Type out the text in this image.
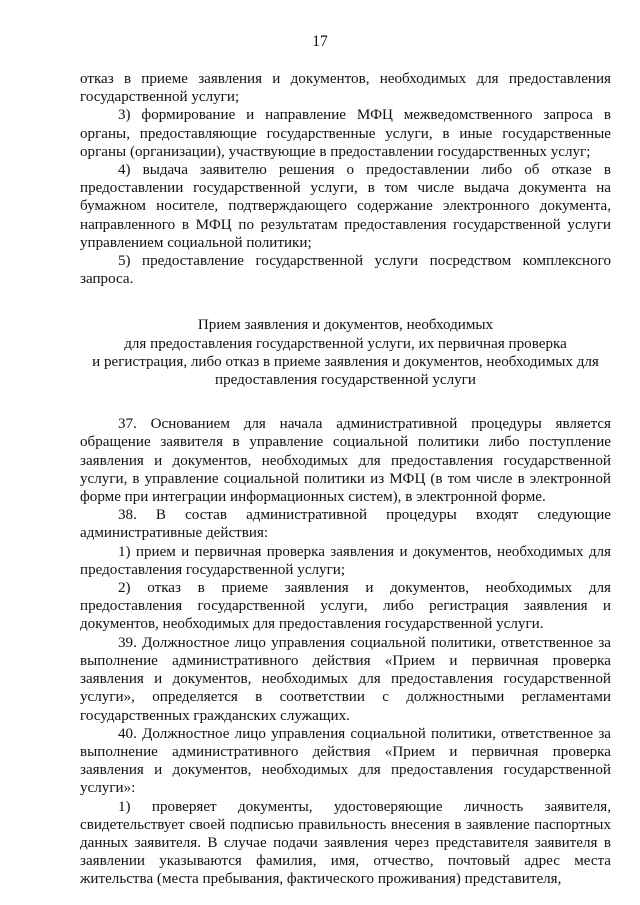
17

отказ в приеме заявления и документов, необходимых для предоставления государственной услуги;

3) формирование и направление МФЦ межведомственного запроса в органы, предоставляющие государственные услуги, в иные государственные органы (организации), участвующие в предоставлении государственных услуг;

4) выдача заявителю решения о предоставлении либо об отказе в предоставлении государственной услуги, в том числе выдача документа на бумажном носителе, подтверждающего содержание электронного документа, направленного в МФЦ по результатам предоставления государственной услуги управлением социальной политики;

5) предоставление государственной услуги посредством комплексного запроса.

Прием заявления и документов, необходимых
для предоставления государственной услуги, их первичная проверка
и регистрация, либо отказ в приеме заявления и документов, необходимых для
предоставления государственной услуги

37. Основанием для начала административной процедуры является обращение заявителя в управление социальной политики либо поступление заявления и документов, необходимых для предоставления государственной услуги, в управление социальной политики из МФЦ (в том числе в электронной форме при интеграции информационных систем), в электронной форме.

38. В состав административной процедуры входят следующие административные действия:

1) прием и первичная проверка заявления и документов, необходимых для предоставления государственной услуги;

2) отказ в приеме заявления и документов, необходимых для предоставления государственной услуги, либо регистрация заявления и документов, необходимых для предоставления государственной услуги.

39. Должностное лицо управления социальной политики, ответственное за выполнение административного действия «Прием и первичная проверка заявления и документов, необходимых для предоставления государственной услуги», определяется в соответствии с должностными регламентами государственных гражданских служащих.

40. Должностное лицо управления социальной политики, ответственное за выполнение административного действия «Прием и первичная проверка заявления и документов, необходимых для предоставления государственной услуги»:

1) проверяет документы, удостоверяющие личность заявителя, свидетельствует своей подписью правильность внесения в заявление паспортных данных заявителя. В случае подачи заявления через представителя заявителя в заявлении указываются фамилия, имя, отчество, почтовый адрес места жительства (места пребывания, фактического проживания) представителя,
